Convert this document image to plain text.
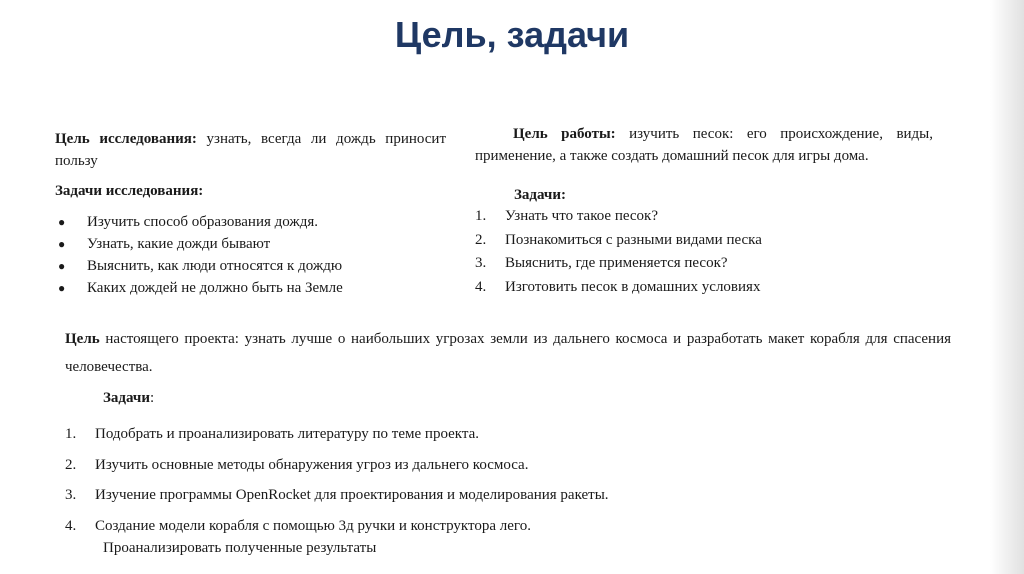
Цель, задачи
Цель исследования: узнать, всегда ли дождь приносит пользу
Задачи исследования:
● Изучить способ образования дождя.
● Узнать, какие дожди бывают
● Выяснить, как люди относятся к дождю
● Каких дождей не должно быть на Земле
Цель работы: изучить песок: его происхождение, виды, применение, а также создать домашний песок для игры дома.
Задачи:
1. Узнать что такое песок?
2. Познакомиться с разными видами песка
3. Выяснить, где применяется песок?
4. Изготовить песок в домашних условиях
Цель настоящего проекта: узнать лучше о наибольших угрозах земли из дальнего космоса и разработать макет корабля для спасения человечества.
Задачи:
1. Подобрать и проанализировать литературу по теме проекта.
2. Изучить основные методы обнаружения угроз из дальнего космоса.
3. Изучение программы OpenRocket для проектирования и моделирования ракеты.
4. Создание модели корабля с помощью 3д ручки и конструктора лего.
Проанализировать полученные результаты
